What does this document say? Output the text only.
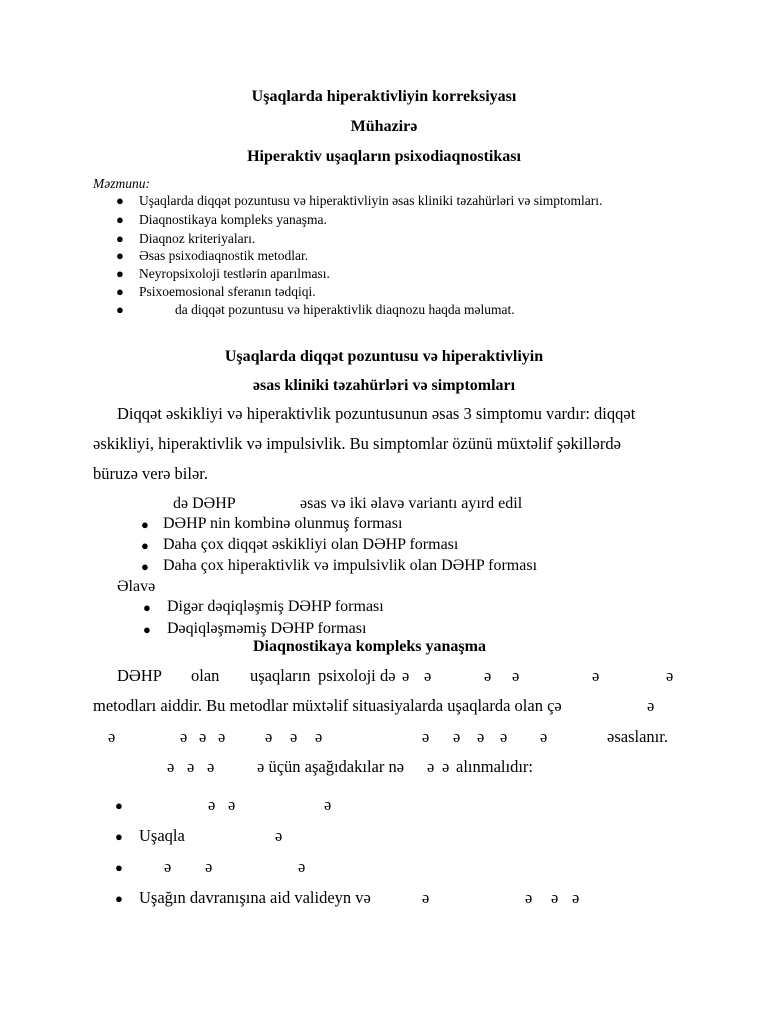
Uşaqlarda hiperaktivliyin korreksiyası
Mühazirə
Hiperaktiv uşaqların psixodiaqnostikası
Məzmunu:
● Uşaqlarda diqqət pozuntusu və hiperaktivliyin əsas kliniki təzahürləri və simptomları.
● Diaqnostikaya kompleks yanaşma.
● Diaqnoz kriteriyaları.
● Əsas psixodiaqnostik metodlar.
● Neyropsixoloji testlərin aparılması.
● Psixoemosional sferanın tədqiqi.
●	da diqqət pozuntusu və hiperaktivlik diaqnozu haqda məlumat.
Uşaqlarda diqqət pozuntusu və hiperaktivliyin
əsas kliniki təzahürləri və simptomları
Diqqət əskikliyi və hiperaktivlik pozuntusunun əsas 3 simptomu vardır: diqqət
əskikliyi, hiperaktivlik və impulsivlik. Bu simptomlar özünü müxtəlif şəkillərdə
büruzə verə bilər.
də DƏHP	əsas və iki əlavə variantı ayırd edil
● DƏHP nin kombinə olunmuş forması
● Daha çox diqqət əskikliyi olan DƏHP forması
● Daha çox hiperaktivlik və impulsivlik olan DƏHP forması
Əlavə
● Digər dəqiqləşmiş DƏHP forması
● Dəqiqləşməmiş DƏHP forması
Diaqnostikaya kompleks yanaşma
DƏHP olan uşaqların psixoloji də ə ə	ə ə	ə	ə
metodları aiddir. Bu metodlar müxtəlif situasiyalarda uşaqlarda olan çə	ə
ə	ə ə ə ə ə ə	ə ə ə ə ə	əsaslanır.
ə ə ə	ə üçün aşağıdakılar nə ə ə alınmalıdır:
●	ə ə	ə
● Uşaqla	ə
● ə ə	ə
● Uşağın davranışına aid valideyn və	ə	ə ə ə
